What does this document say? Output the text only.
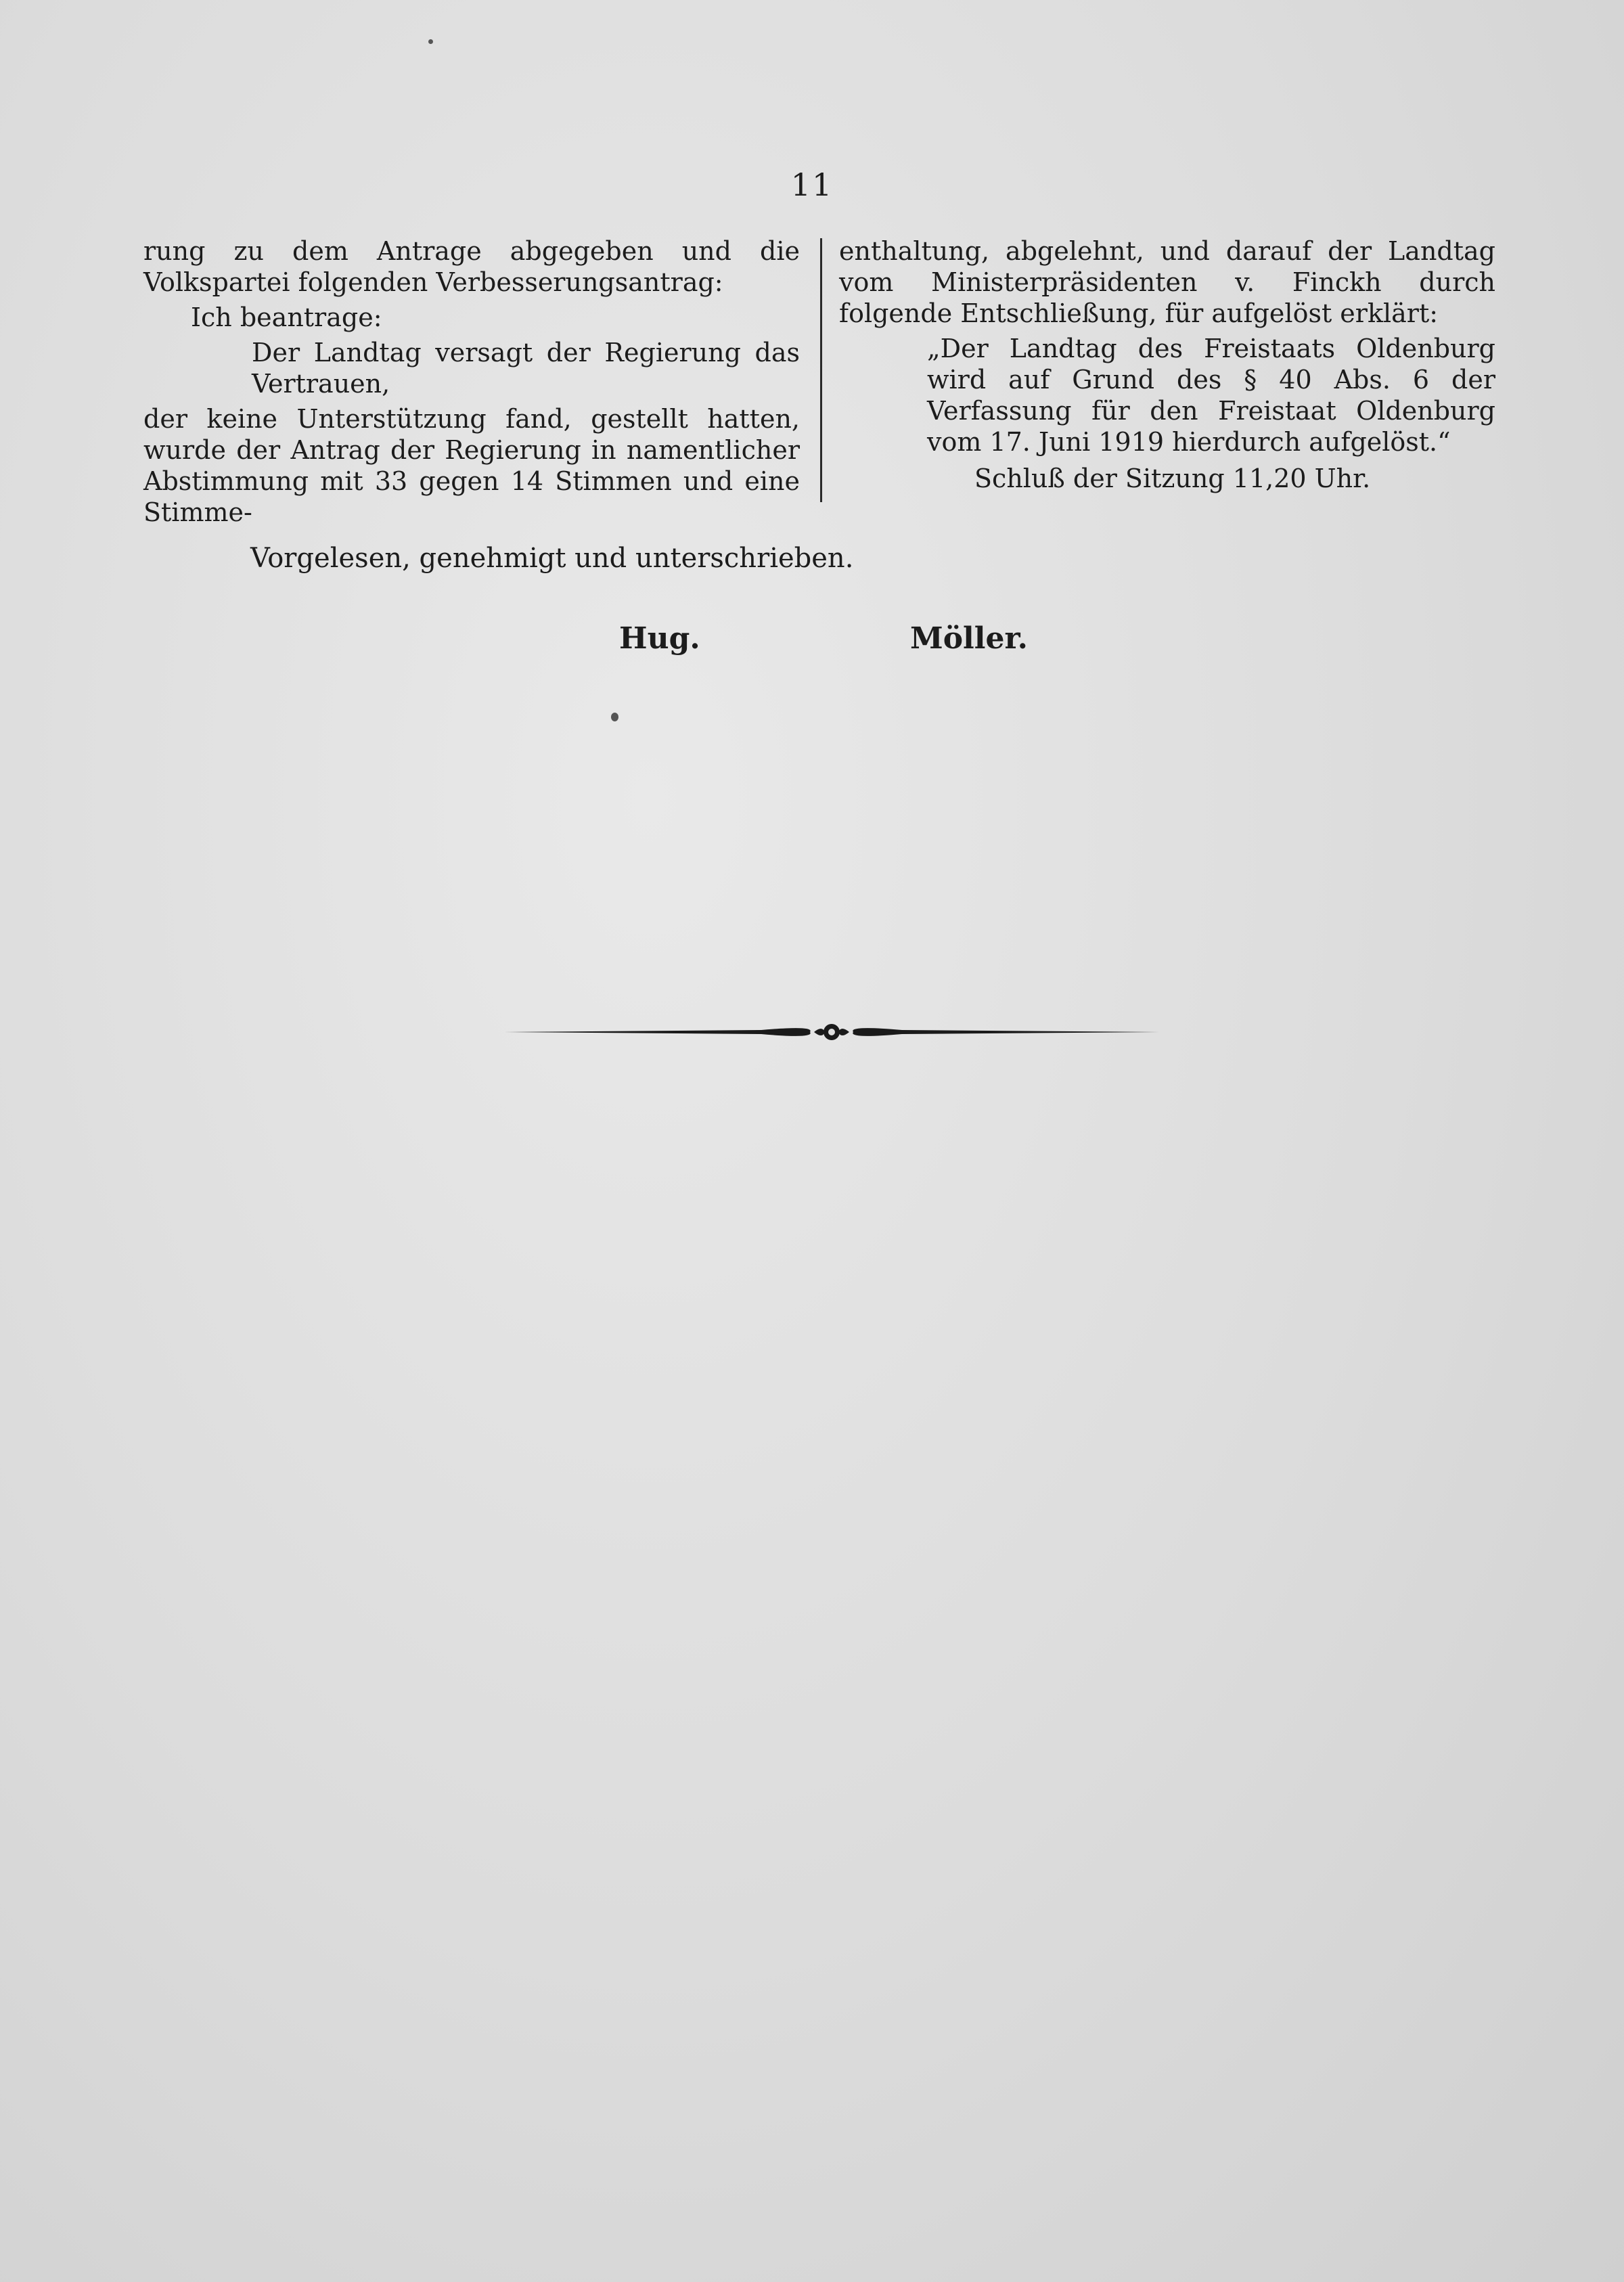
11

rung zu dem Antrage abgegeben und die Volkspartei folgenden Verbesserungsantrag:

Ich beantrage:

Der Landtag versagt der Regierung das Vertrauen,

der keine Unterstützung fand, gestellt hatten, wurde der Antrag der Regierung in namentlicher Abstimmung mit 33 gegen 14 Stimmen und eine Stimme-

enthaltung, abgelehnt, und darauf der Landtag vom Ministerpräsidenten v. Finckh durch folgende Entschließung, für aufgelöst erklärt:

„Der Landtag des Freistaats Oldenburg wird auf Grund des § 40 Abs. 6 der Verfassung für den Freistaat Oldenburg vom 17. Juni 1919 hierdurch aufgelöst.“

Schluß der Sitzung 11,20 Uhr.

Vorgelesen, genehmigt und unterschrieben.
Hug.	Möller.
